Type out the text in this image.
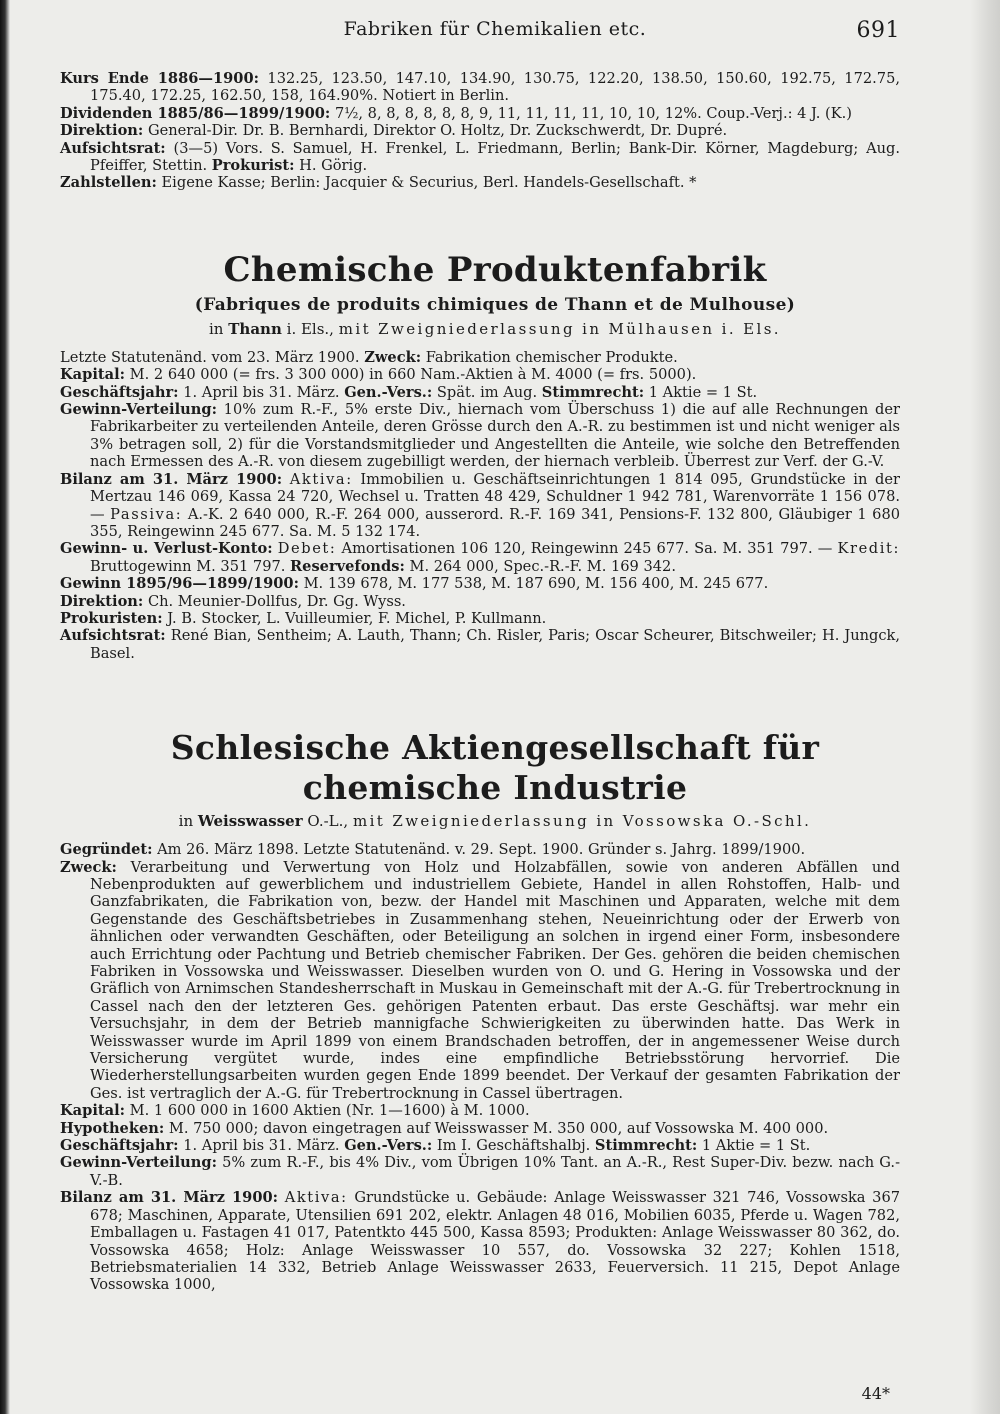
Fabriken für Chemikalien etc.	691

Kurs Ende 1886—1900: 132.25, 123.50, 147.10, 134.90, 130.75, 122.20, 138.50, 150.60, 192.75, 172.75, 175.40, 172.25, 162.50, 158, 164.90%. Notiert in Berlin.

Dividenden 1885/86—1899/1900: 7½, 8, 8, 8, 8, 8, 8, 9, 11, 11, 11, 11, 10, 10, 12%. Coup.-Verj.: 4 J. (K.)

Direktion: General-Dir. Dr. B. Bernhardi, Direktor O. Holtz, Dr. Zuckschwerdt, Dr. Dupré.

Aufsichtsrat: (3—5) Vors. S. Samuel, H. Frenkel, L. Friedmann, Berlin; Bank-Dir. Körner, Magdeburg; Aug. Pfeiffer, Stettin. Prokurist: H. Görig.

Zahlstellen: Eigene Kasse; Berlin: Jacquier & Securius, Berl. Handels-Gesellschaft. *

Chemische Produktenfabrik

(Fabriques de produits chimiques de Thann et de Mulhouse)

in Thann i. Els., mit Zweigniederlassung in Mülhausen i. Els.

Letzte Statutenänd. vom 23. März 1900. Zweck: Fabrikation chemischer Produkte.

Kapital: M. 2 640 000 (= frs. 3 300 000) in 660 Nam.-Aktien à M. 4000 (= frs. 5000).

Geschäftsjahr: 1. April bis 31. März. Gen.-Vers.: Spät. im Aug. Stimmrecht: 1 Aktie = 1 St.

Gewinn-Verteilung: 10% zum R.-F., 5% erste Div., hiernach vom Überschuss 1) die auf alle Rechnungen der Fabrikarbeiter zu verteilenden Anteile, deren Grösse durch den A.-R. zu bestimmen ist und nicht weniger als 3% betragen soll, 2) für die Vorstandsmitglieder und Angestellten die Anteile, wie solche den Betreffenden nach Ermessen des A.-R. von diesem zugebilligt werden, der hiernach verbleib. Überrest zur Verf. der G.-V.

Bilanz am 31. März 1900: Aktiva: Immobilien u. Geschäftseinrichtungen 1 814 095, Grundstücke in der Mertzau 146 069, Kassa 24 720, Wechsel u. Tratten 48 429, Schuldner 1 942 781, Warenvorräte 1 156 078. — Passiva: A.-K. 2 640 000, R.-F. 264 000, ausserord. R.-F. 169 341, Pensions-F. 132 800, Gläubiger 1 680 355, Reingewinn 245 677. Sa. M. 5 132 174.

Gewinn- u. Verlust-Konto: Debet: Amortisationen 106 120, Reingewinn 245 677. Sa. M. 351 797. — Kredit: Bruttogewinn M. 351 797. Reservefonds: M. 264 000, Spec.-R.-F. M. 169 342.

Gewinn 1895/96—1899/1900: M. 139 678, M. 177 538, M. 187 690, M. 156 400, M. 245 677.

Direktion: Ch. Meunier-Dollfus, Dr. Gg. Wyss.

Prokuristen: J. B. Stocker, L. Vuilleumier, F. Michel, P. Kullmann.

Aufsichtsrat: René Bian, Sentheim; A. Lauth, Thann; Ch. Risler, Paris; Oscar Scheurer, Bitschweiler; H. Jungck, Basel.

Schlesische Aktiengesellschaft für chemische Industrie

in Weisswasser O.-L., mit Zweigniederlassung in Vossowska O.-Schl.

Gegründet: Am 26. März 1898. Letzte Statutenänd. v. 29. Sept. 1900. Gründer s. Jahrg. 1899/1900.

Zweck: Verarbeitung und Verwertung von Holz und Holzabfällen, sowie von anderen Abfällen und Nebenprodukten auf gewerblichem und industriellem Gebiete, Handel in allen Rohstoffen, Halb- und Ganzfabrikaten, die Fabrikation von, bezw. der Handel mit Maschinen und Apparaten, welche mit dem Gegenstande des Geschäftsbetriebes in Zusammenhang stehen, Neueinrichtung oder der Erwerb von ähnlichen oder verwandten Geschäften, oder Beteiligung an solchen in irgend einer Form, insbesondere auch Errichtung oder Pachtung und Betrieb chemischer Fabriken. Der Ges. gehören die beiden chemischen Fabriken in Vossowska und Weisswasser. Dieselben wurden von O. und G. Hering in Vossowska und der Gräflich von Arnimschen Standesherrschaft in Muskau in Gemeinschaft mit der A.-G. für Trebertrocknung in Cassel nach den der letzteren Ges. gehörigen Patenten erbaut. Das erste Geschäftsj. war mehr ein Versuchsjahr, in dem der Betrieb mannigfache Schwierigkeiten zu überwinden hatte. Das Werk in Weisswasser wurde im April 1899 von einem Brandschaden betroffen, der in angemessener Weise durch Versicherung vergütet wurde, indes eine empfindliche Betriebsstörung hervorrief. Die Wiederherstellungsarbeiten wurden gegen Ende 1899 beendet. Der Verkauf der gesamten Fabrikation der Ges. ist vertraglich der A.-G. für Trebertrocknung in Cassel übertragen.

Kapital: M. 1 600 000 in 1600 Aktien (Nr. 1—1600) à M. 1000.

Hypotheken: M. 750 000; davon eingetragen auf Weisswasser M. 350 000, auf Vossowska M. 400 000.

Geschäftsjahr: 1. April bis 31. März. Gen.-Vers.: Im I. Geschäftshalbj. Stimmrecht: 1 Aktie = 1 St.

Gewinn-Verteilung: 5% zum R.-F., bis 4% Div., vom Übrigen 10% Tant. an A.-R., Rest Super-Div. bezw. nach G.-V.-B.

Bilanz am 31. März 1900: Aktiva: Grundstücke u. Gebäude: Anlage Weisswasser 321 746, Vossowska 367 678; Maschinen, Apparate, Utensilien 691 202, elektr. Anlagen 48 016, Mobilien 6035, Pferde u. Wagen 782, Emballagen u. Fastagen 41 017, Patentkto 445 500, Kassa 8593; Produkten: Anlage Weisswasser 80 362, do. Vossowska 4658; Holz: Anlage Weisswasser 10 557, do. Vossowska 32 227; Kohlen 1518, Betriebsmaterialien 14 332, Betrieb Anlage Weisswasser 2633, Feuerversich. 11 215, Depot Anlage Vossowska 1000,

44*
